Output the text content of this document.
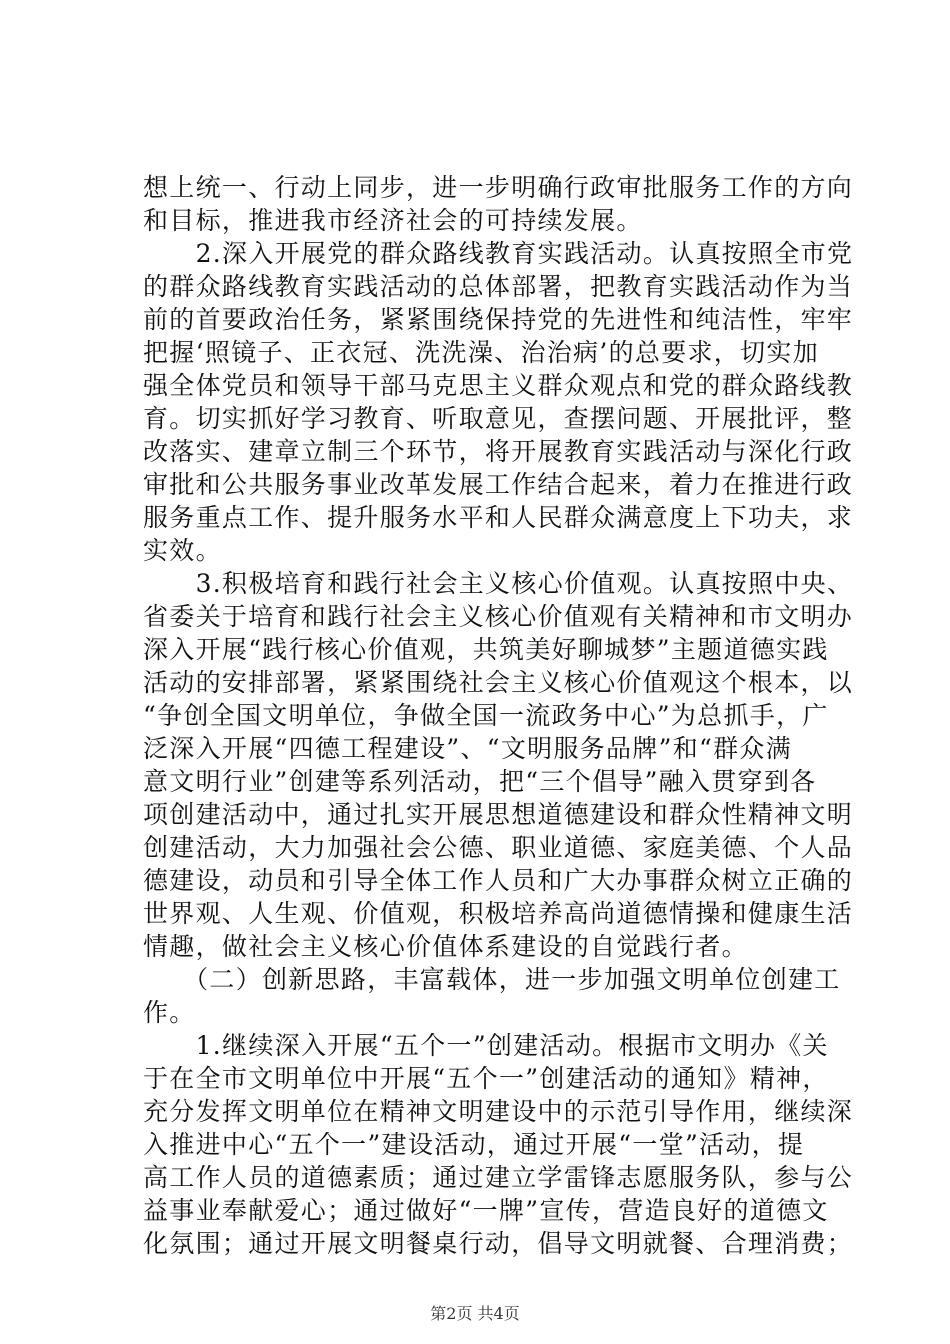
想上统一、行动上同步，进一步明确行政审批服务工作的方向
和目标，推进我市经济社会的可持续发展。
　　2.深入开展党的群众路线教育实践活动。认真按照全市党
的群众路线教育实践活动的总体部署，把教育实践活动作为当
前的首要政治任务，紧紧围绕保持党的先进性和纯洁性，牢牢
把握‘照镜子、正衣冠、洗洗澡、治治病’的总要求，切实加
强全体党员和领导干部马克思主义群众观点和党的群众路线教
育。切实抓好学习教育、听取意见，查摆问题、开展批评，整
改落实、建章立制三个环节，将开展教育实践活动与深化行政
审批和公共服务事业改革发展工作结合起来，着力在推进行政
服务重点工作、提升服务水平和人民群众满意度上下功夫，求
实效。
　　3.积极培育和践行社会主义核心价值观。认真按照中央、
省委关于培育和践行社会主义核心价值观有关精神和市文明办
深入开展“践行核心价值观，共筑美好聊城梦”主题道德实践
活动的安排部署，紧紧围绕社会主义核心价值观这个根本，以
“争创全国文明单位，争做全国一流政务中心”为总抓手，广
泛深入开展“四德工程建设”、“文明服务品牌”和“群众满
意文明行业”创建等系列活动，把“三个倡导”融入贯穿到各
项创建活动中，通过扎实开展思想道德建设和群众性精神文明
创建活动，大力加强社会公德、职业道德、家庭美德、个人品
德建设，动员和引导全体工作人员和广大办事群众树立正确的
世界观、人生观、价值观，积极培养高尚道德情操和健康生活
情趣，做社会主义核心价值体系建设的自觉践行者。
　　（二）创新思路，丰富载体，进一步加强文明单位创建工
作。
　　1.继续深入开展“五个一”创建活动。根据市文明办《关
于在全市文明单位中开展“五个一”创建活动的通知》精神，
充分发挥文明单位在精神文明建设中的示范引导作用，继续深
入推进中心“五个一”建设活动，通过开展“一堂”活动，提
高工作人员的道德素质；通过建立学雷锋志愿服务队，参与公
益事业奉献爱心；通过做好“一牌”宣传，营造良好的道德文
化氛围；通过开展文明餐桌行动，倡导文明就餐、合理消费；
第2页 共4页
